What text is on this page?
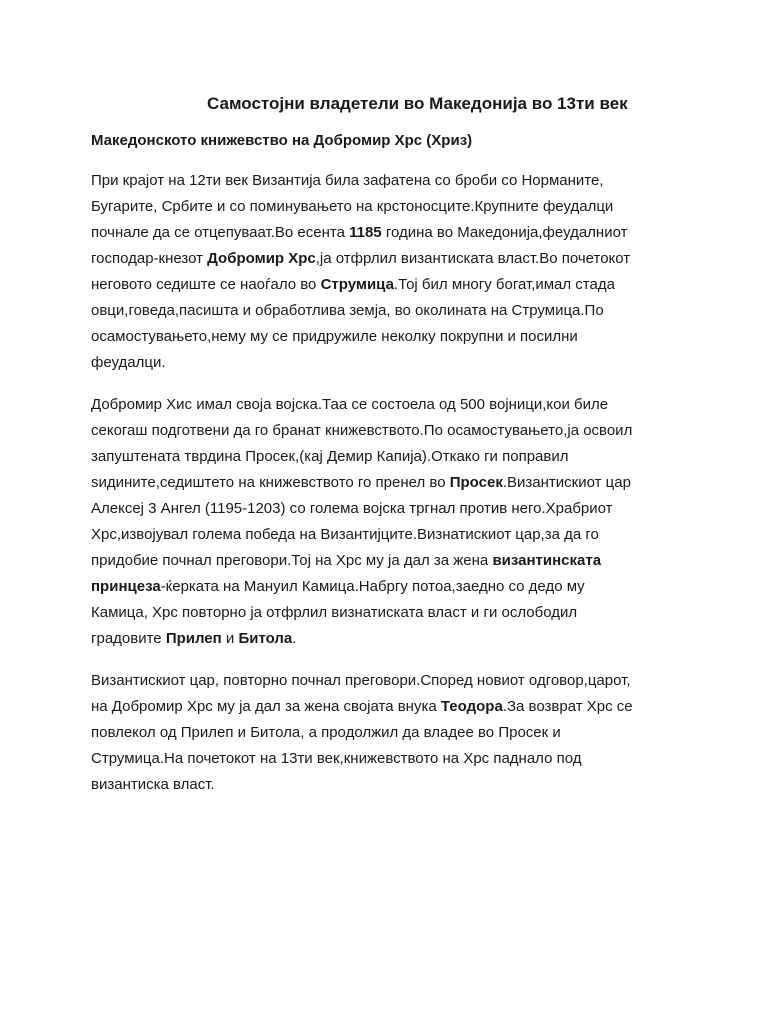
Самостојни владетели во Македонија во 13ти век
Македонското книжевство на Добромир Хрс (Хриз)
При крајот на 12ти век Византија била зафатена со броби со Норманите,
Бугарите, Србите и со поминувањето на крстоносците.Крупните феудалци
почнале да се отцепуваат.Во есента 1185 година во Македонија,феудалниот
господар-кнезот Добромир Хрс,ја отфрлил византиската власт.Во почетокот
неговото седиште се наоѓало во Струмица.Тој бил многу богат,имал стада
овци,говеда,пасишта и обработлива земја, во околината на Струмица.По
осамостувањето,нему му се придружиле неколку покрупни и посилни
феудалци.
Добромир Хис имал своја војска.Таа се состоела од 500 војници,кои биле
секогаш подготвени да го бранат книжевството.По осамостувањето,ја освоил
запуштената тврдина Просек,(кај Демир Капија).Откако ги поправил
ѕидините,седиштето на книжевството го пренел во Просек.Византискиот цар
Алексеј 3 Ангел (1195-1203) со голема војска тргнал против него.Храбриот
Хрс,извојувал голема победа на Византијците.Визнатискиот цар,за да го
придобие почнал преговори.Тој на Хрс му ја дал за жена византинската
принцеза-ќерката на Мануил Камица.Набргу потоа,заедно со дедо му
Камица, Хрс повторно ја отфрлил визнатиската власт и ги ослободил
градовите Прилеп и Битола.
Византискиот цар, повторно почнал преговори.Според новиот одговор,царот,
на Добромир Хрс му ја дал за жена својата внука Теодора.За возврат Хрс се
повлекол од Прилеп и Битола, а продолжил да владее во Просек и
Струмица.На почетокот на 13ти век,книжевството на Хрс паднало под
византиска власт.
